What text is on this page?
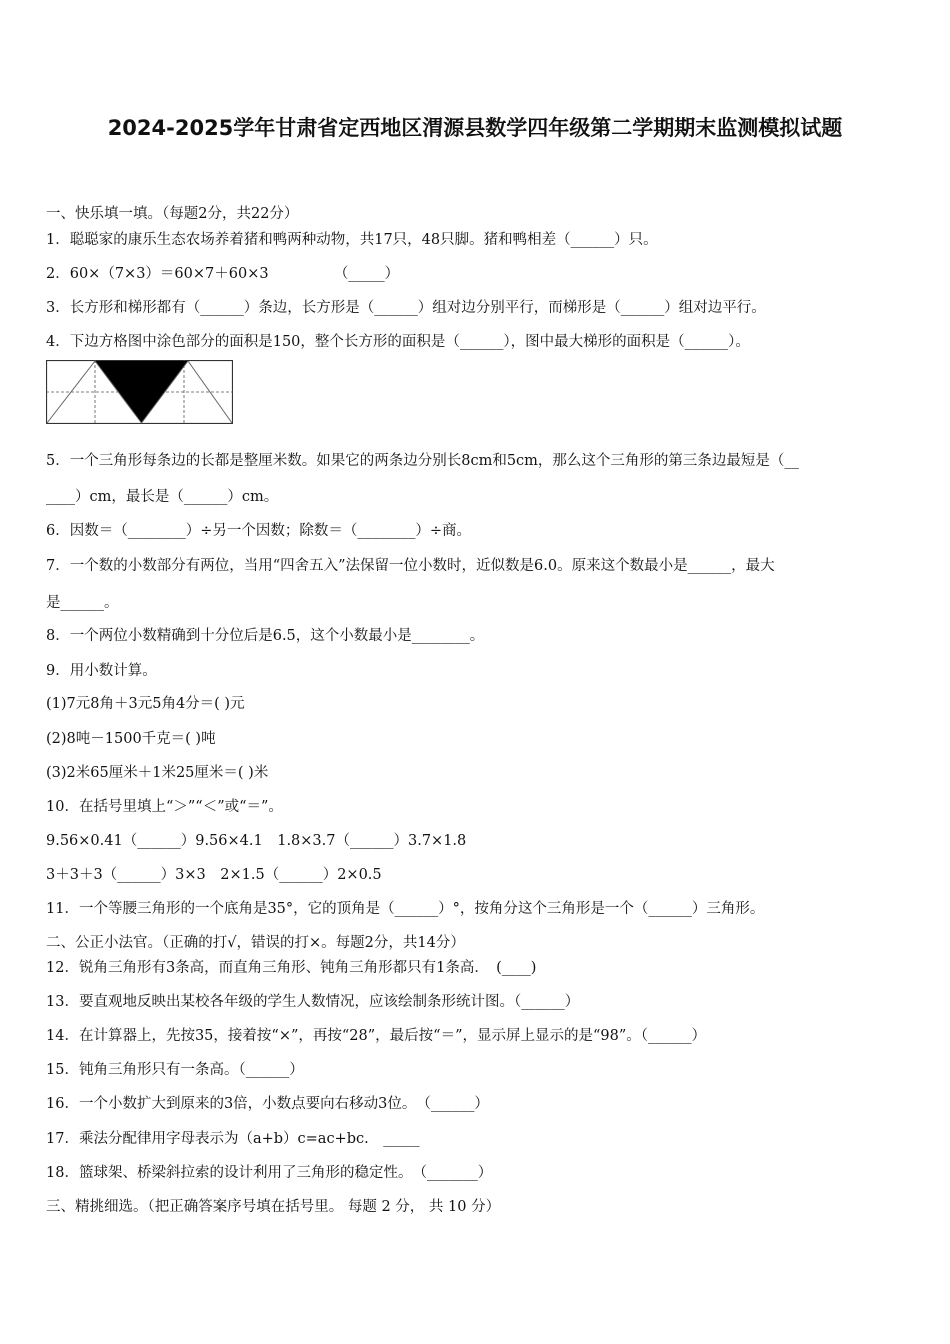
2024-2025学年甘肃省定西地区渭源县数学四年级第二学期期末监测模拟试题
一、快乐填一填。（每题2分，共22分）
1．聪聪家的康乐生态农场养着猪和鸭两种动物，共17只，48只脚。猪和鸭相差（______）只。
2．60×（7×3）＝60×7＋60×3　　　　　（_____）
3．长方形和梯形都有（______）条边，长方形是（______）组对边分别平行，而梯形是（______）组对边平行。
4．下边方格图中涂色部分的面积是150，整个长方形的面积是（______），图中最大梯形的面积是（______）。
5．一个三角形每条边的长都是整厘米数。如果它的两条边分别长8cm和5cm，那么这个三角形的第三条边最短是（__
____）cm，最长是（______）cm。
6．因数＝（________）÷另一个因数；除数＝（________）÷商。
7．一个数的小数部分有两位，当用“四舍五入”法保留一位小数时，近似数是6.0。原来这个数最小是______，最大
是______。
8．一个两位小数精确到十分位后是6.5，这个小数最小是________。
9．用小数计算。
(1)7元8角＋3元5角4分＝( )元
(2)8吨－1500千克＝( )吨
(3)2米65厘米＋1米25厘米＝( )米
10．在括号里填上“＞”“＜”或“＝”。
9.56×0.41（______）9.56×4.1　1.8×3.7（______）3.7×1.8
3＋3＋3（______）3×3　2×1.5（______）2×0.5
11．一个等腰三角形的一个底角是35°，它的顶角是（______）°，按角分这个三角形是一个（______）三角形。
二、公正小法官。（正确的打√，错误的打×。每题2分，共14分）
12．锐角三角形有3条高，而直角三角形、钝角三角形都只有1条高．　(____)
13．要直观地反映出某校各年级的学生人数情况，应该绘制条形统计图。（______）
14．在计算器上，先按35，接着按“×”，再按“28”，最后按“＝”，显示屏上显示的是“98”。（______）
15．钝角三角形只有一条高。（______）
16．一个小数扩大到原来的3倍，小数点要向右移动3位。　（______）
17．乘法分配律用字母表示为（a+b）c=ac+bc.　_____
18．篮球架、桥梁斜拉索的设计利用了三角形的稳定性。　（_______）
三、精挑细选。（把正确答案序号填在括号里。 每题 2 分， 共 10 分）
